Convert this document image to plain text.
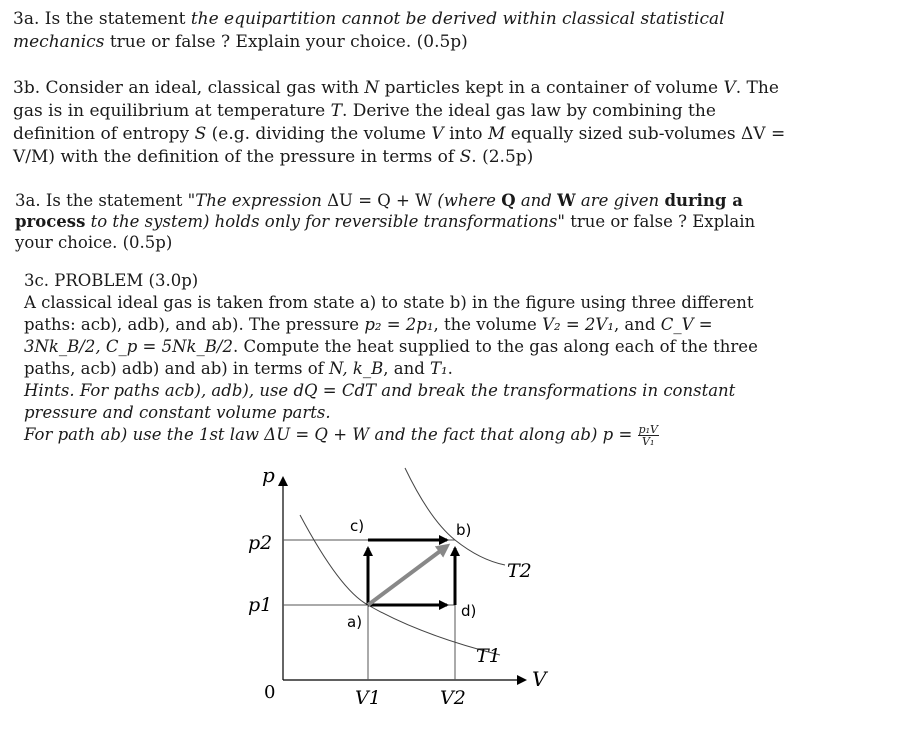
3a. Is the statement the equipartition cannot be derived within classical statistical mechanics true or false ? Explain your choice. (0.5p)
3b. Consider an ideal, classical gas with N particles kept in a container of volume V. The gas is in equilibrium at temperature T. Derive the ideal gas law by combining the definition of entropy S (e.g. dividing the volume V into M equally sized sub-volumes ΔV = V/M) with the definition of the pressure in terms of S. (2.5p)
3a. Is the statement "The expression ΔU = Q + W (where Q and W are given during a process to the system) holds only for reversible transformations" true or false ? Explain your choice. (0.5p)
3c. PROBLEM (3.0p)
A classical ideal gas is taken from state a) to state b) in the figure using three different paths: acb), adb), and ab). The pressure p₂ = 2p₁, the volume V₂ = 2V₁, and C_V = 3Nk_B/2, C_p = 5Nk_B/2. Compute the heat supplied to the gas along each of the three paths, acb) adb) and ab) in terms of N, k_B, and T₁.
Hints. For paths acb), adb), use dQ = CdT and break the transformations in constant pressure and constant volume parts.
For path ab) use the 1st law ΔU = Q + W and the fact that along ab) $p = \frac{\text{p₁V}}{\text{V₁}}$
p
V
0
p2
p1
V1	V2
a)
b)
c)
d)
T1
T2
